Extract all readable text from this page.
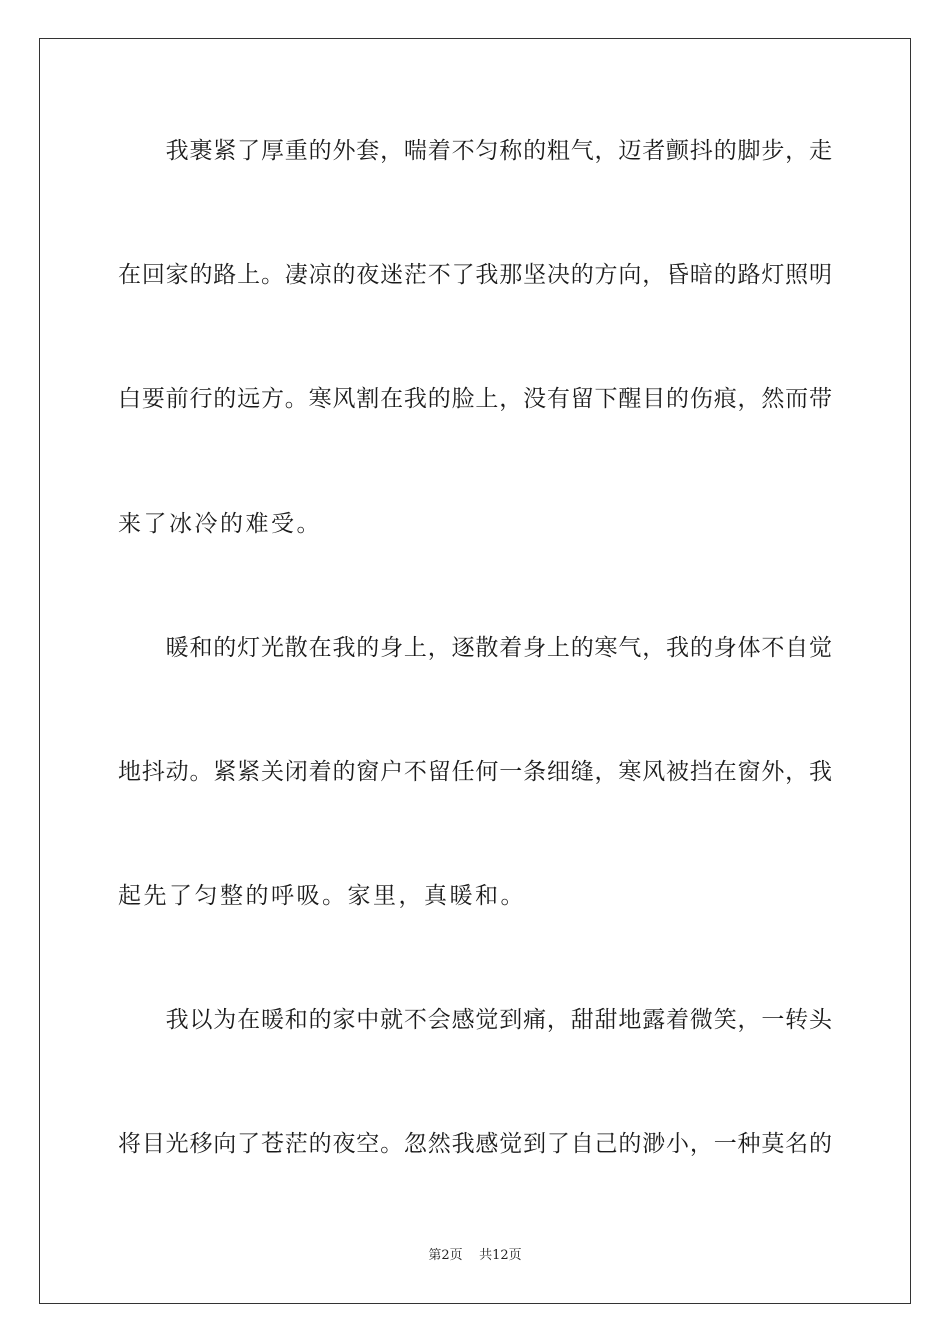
　　我裹紧了厚重的外套，喘着不匀称的粗气，迈者颤抖的脚步，走
在回家的路上。凄凉的夜迷茫不了我那坚决的方向，昏暗的路灯照明
白要前行的远方。寒风割在我的脸上，没有留下醒目的伤痕，然而带
来了冰冷的难受。
　　暖和的灯光散在我的身上，逐散着身上的寒气，我的身体不自觉
地抖动。紧紧关闭着的窗户不留任何一条细缝，寒风被挡在窗外，我
起先了匀整的呼吸。家里，真暖和。
　　我以为在暖和的家中就不会感觉到痛，甜甜地露着微笑，一转头
将目光移向了苍茫的夜空。忽然我感觉到了自己的渺小，一种莫名的
第2页 共12页
